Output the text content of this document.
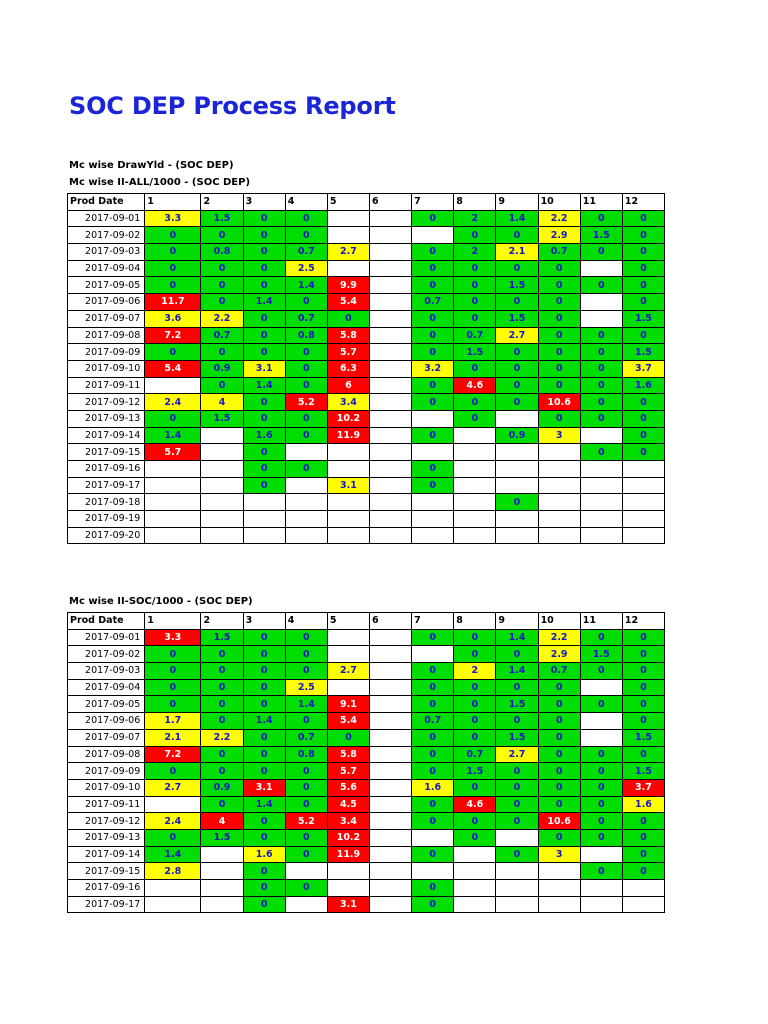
SOC DEP Process Report
Mc wise DrawYld - (SOC DEP)
Mc wise II-ALL/1000 - (SOC DEP)
Prod Date	1	2	3	4	5	6	7	8	9	10	11	12
2017-09-01	3.3	1.5	0	0			0	2	1.4	2.2	0	0
2017-09-02	0	0	0	0				0	0	2.9	1.5	0
2017-09-03	0	0.8	0	0.7	2.7		0	2	2.1	0.7	0	0
2017-09-04	0	0	0	2.5			0	0	0	0		0
2017-09-05	0	0	0	1.4	9.9		0	0	1.5	0	0	0
2017-09-06	11.7	0	1.4	0	5.4		0.7	0	0	0		0
2017-09-07	3.6	2.2	0	0.7	0		0	0	1.5	0		1.5
2017-09-08	7.2	0.7	0	0.8	5.8		0	0.7	2.7	0	0	0
2017-09-09	0	0	0	0	5.7		0	1.5	0	0	0	1.5
2017-09-10	5.4	0.9	3.1	0	6.3		3.2	0	0	0	0	3.7
2017-09-11		0	1.4	0	6		0	4.6	0	0	0	1.6
2017-09-12	2.4	4	0	5.2	3.4		0	0	0	10.6	0	0
2017-09-13	0	1.5	0	0	10.2			0		0	0	0
2017-09-14	1.4		1.6	0	11.9		0		0.9	3		0
2017-09-15	5.7		0								0	0
2017-09-16			0	0			0					
2017-09-17			0		3.1		0					
2017-09-18									0			
2017-09-19												
2017-09-20												
Mc wise II-SOC/1000 - (SOC DEP)
Prod Date	1	2	3	4	5	6	7	8	9	10	11	12
2017-09-01	3.3	1.5	0	0			0	0	1.4	2.2	0	0
2017-09-02	0	0	0	0				0	0	2.9	1.5	0
2017-09-03	0	0	0	0	2.7		0	2	1.4	0.7	0	0
2017-09-04	0	0	0	2.5			0	0	0	0		0
2017-09-05	0	0	0	1.4	9.1		0	0	1.5	0	0	0
2017-09-06	1.7	0	1.4	0	5.4		0.7	0	0	0		0
2017-09-07	2.1	2.2	0	0.7	0		0	0	1.5	0		1.5
2017-09-08	7.2	0	0	0.8	5.8		0	0.7	2.7	0	0	0
2017-09-09	0	0	0	0	5.7		0	1.5	0	0	0	1.5
2017-09-10	2.7	0.9	3.1	0	5.6		1.6	0	0	0	0	3.7
2017-09-11		0	1.4	0	4.5		0	4.6	0	0	0	1.6
2017-09-12	2.4	4	0	5.2	3.4		0	0	0	10.6	0	0
2017-09-13	0	1.5	0	0	10.2			0		0	0	0
2017-09-14	1.4		1.6	0	11.9		0		0	3		0
2017-09-15	2.8		0								0	0
2017-09-16			0	0			0					
2017-09-17			0		3.1		0					
